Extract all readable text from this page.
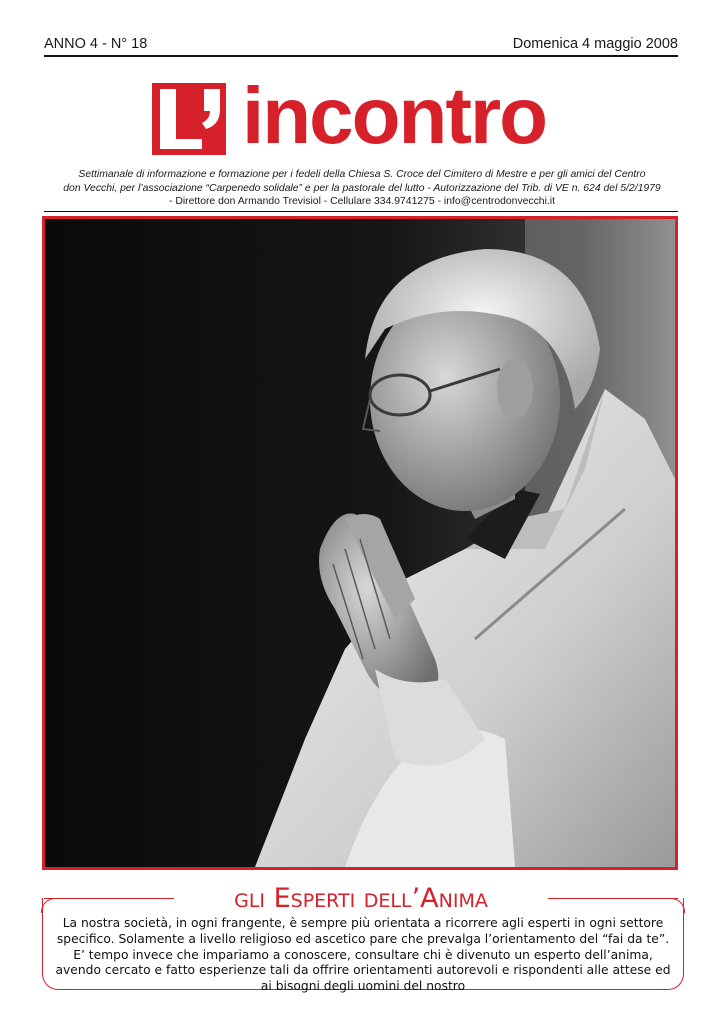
ANNO 4 - N° 18	Domenica 4 maggio 2008
incontro
Settimanale di informazione e formazione per i fedeli della Chiesa S. Croce del Cimitero di Mestre e per gli amici del Centro
don Vecchi, per l’associazione “Carpenedo solidale” e per la pastorale del lutto - Autorizzazione del Trib. di VE n. 624 del 5/2/1979
- Direttore don Armando Trevisiol - Cellulare 334.9741275 - info@centrodonvecchi.it
gli Esperti dell’Anima
La nostra società, in ogni frangente, è sempre più orientata a ricorrere agli esperti in ogni settore specifico. Solamente a livello religioso ed ascetico pare che prevalga l’orientamento del “fai da te”. E’ tempo invece che impariamo a conoscere, consultare chi è divenuto un esperto dell’anima, avendo cercato e fatto esperienze tali da offrire orientamenti autorevoli e rispondenti alle attese ed ai bisogni degli uomini del nostro
